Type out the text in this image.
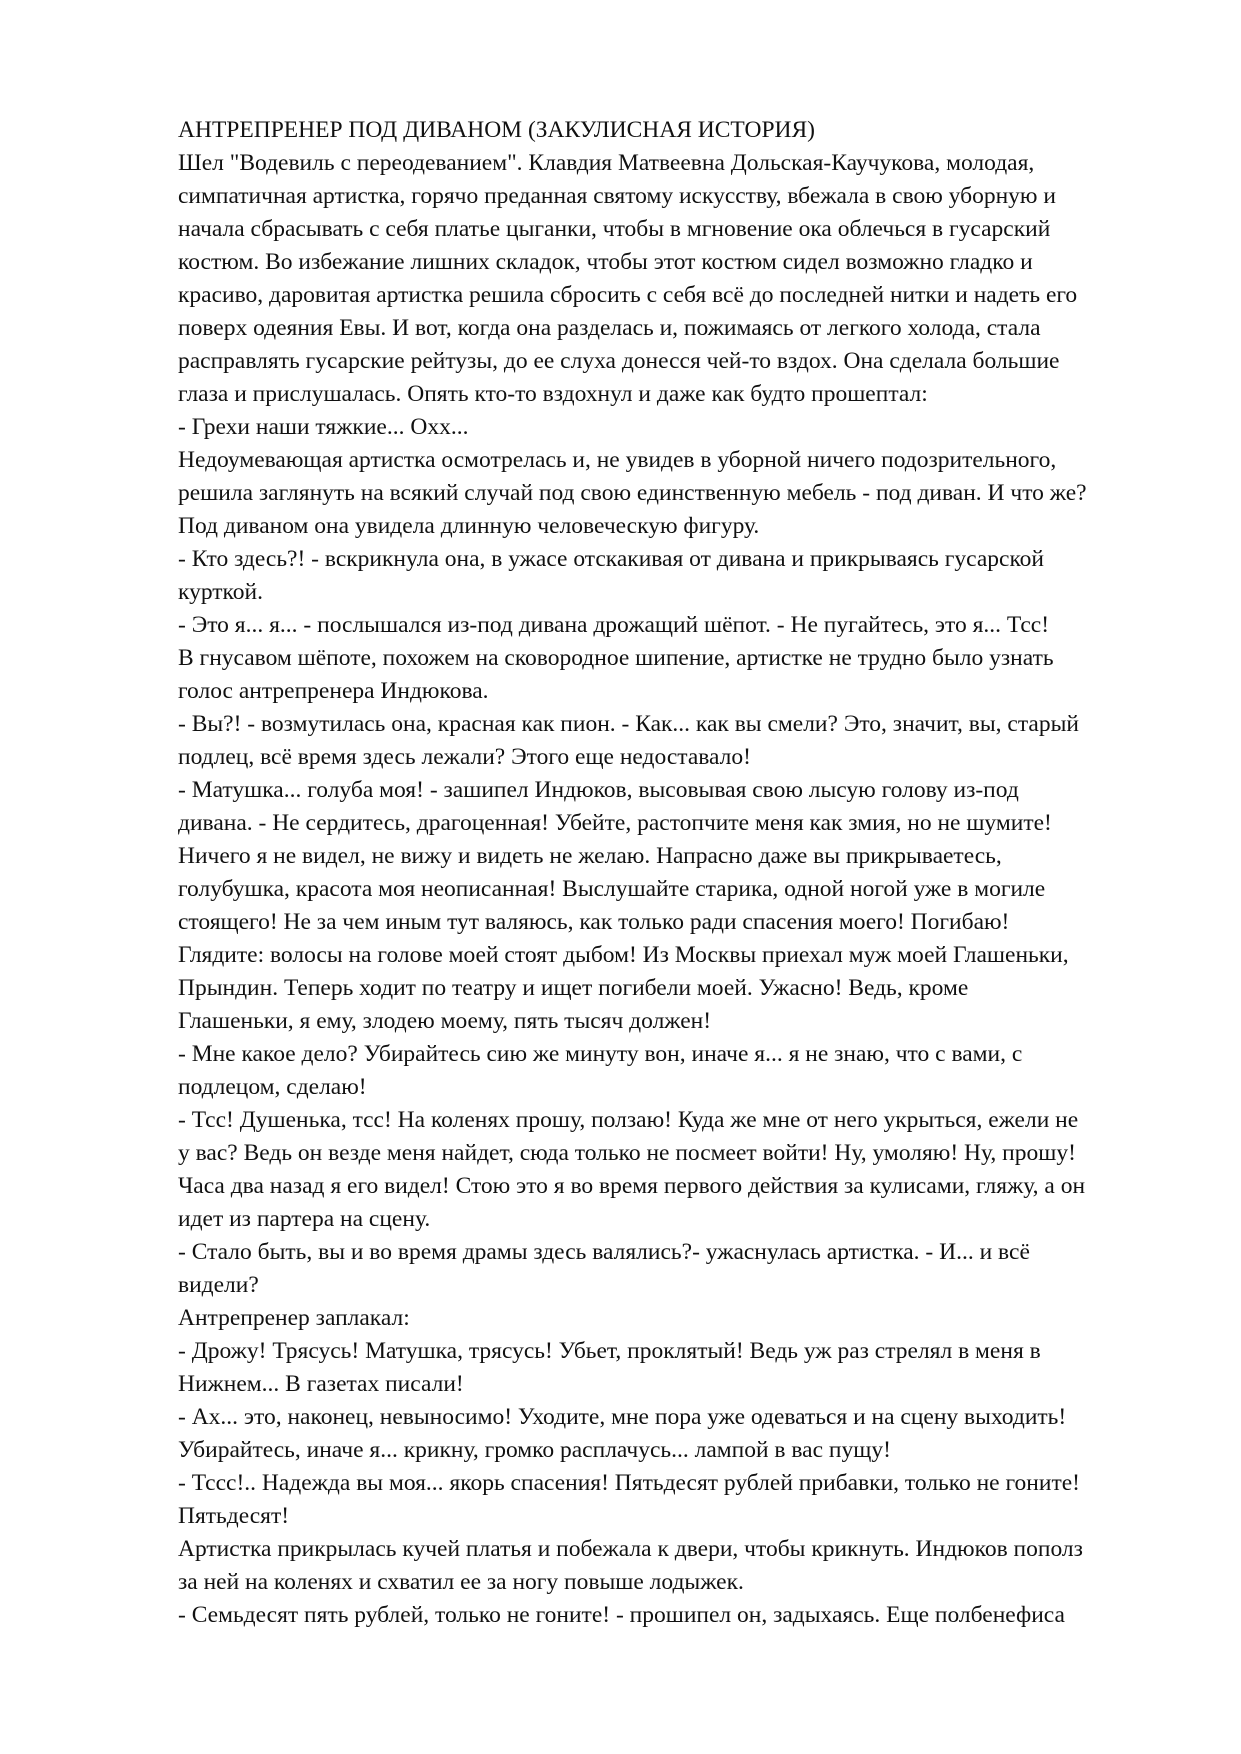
АНТРЕПРЕНЕР ПОД ДИВАНОМ (ЗАКУЛИСНАЯ ИСТОРИЯ)
Шел "Водевиль с переодеванием". Клавдия Матвеевна Дольская-Каучукова, молодая,
симпатичная артистка, горячо преданная святому искусству, вбежала в свою уборную и
начала сбрасывать с себя платье цыганки, чтобы в мгновение ока облечься в гусарский
костюм. Во избежание лишних складок, чтобы этот костюм сидел возможно гладко и
красиво, даровитая артистка решила сбросить с себя всё до последней нитки и надеть его
поверх одеяния Евы. И вот, когда она разделась и, пожимаясь от легкого холода, стала
расправлять гусарские рейтузы, до ее слуха донесся чей-то вздох. Она сделала большие
глаза и прислушалась. Опять кто-то вздохнул и даже как будто прошептал:
- Грехи наши тяжкие... Охх...
Недоумевающая артистка осмотрелась и, не увидев в уборной ничего подозрительного,
решила заглянуть на всякий случай под свою единственную мебель - под диван. И что же?
Под диваном она увидела длинную человеческую фигуру.
- Кто здесь?! - вскрикнула она, в ужасе отскакивая от дивана и прикрываясь гусарской
курткой.
- Это я... я... - послышался из-под дивана дрожащий шёпот. - Не пугайтесь, это я... Тсс!
В гнусавом шёпоте, похожем на сковородное шипение, артистке не трудно было узнать
голос антрепренера Индюкова.
- Вы?! - возмутилась она, красная как пион. - Как... как вы смели? Это, значит, вы, старый
подлец, всё время здесь лежали? Этого еще недоставало!
- Матушка... голуба моя! - зашипел Индюков, высовывая свою лысую голову из-под
дивана. - Не сердитесь, драгоценная! Убейте, растопчите меня как змия, но не шумите!
Ничего я не видел, не вижу и видеть не желаю. Напрасно даже вы прикрываетесь,
голубушка, красота моя неописанная! Выслушайте старика, одной ногой уже в могиле
стоящего! Не за чем иным тут валяюсь, как только ради спасения моего! Погибаю!
Глядите: волосы на голове моей стоят дыбом! Из Москвы приехал муж моей Глашеньки,
Прындин. Теперь ходит по театру и ищет погибели моей. Ужасно! Ведь, кроме
Глашеньки, я ему, злодею моему, пять тысяч должен!
- Мне какое дело? Убирайтесь сию же минуту вон, иначе я... я не знаю, что с вами, с
подлецом, сделаю!
- Тсс! Душенька, тсс! На коленях прошу, ползаю! Куда же мне от него укрыться, ежели не
у вас? Ведь он везде меня найдет, сюда только не посмеет войти! Ну, умоляю! Ну, прошу!
Часа два назад я его видел! Стою это я во время первого действия за кулисами, гляжу, а он
идет из партера на сцену.
- Стало быть, вы и во время драмы здесь валялись?- ужаснулась артистка. - И... и всё
видели?
Антрепренер заплакал:
- Дрожу! Трясусь! Матушка, трясусь! Убьет, проклятый! Ведь уж раз стрелял в меня в
Нижнем... В газетах писали!
- Ах... это, наконец, невыносимо! Уходите, мне пора уже одеваться и на сцену выходить!
Убирайтесь, иначе я... крикну, громко расплачусь... лампой в вас пущу!
- Тссс!.. Надежда вы моя... якорь спасения! Пятьдесят рублей прибавки, только не гоните!
Пятьдесят!
Артистка прикрылась кучей платья и побежала к двери, чтобы крикнуть. Индюков пополз
за ней на коленях и схватил ее за ногу повыше лодыжек.
- Семьдесят пять рублей, только не гоните! - прошипел он, задыхаясь. Еще полбенефиса
